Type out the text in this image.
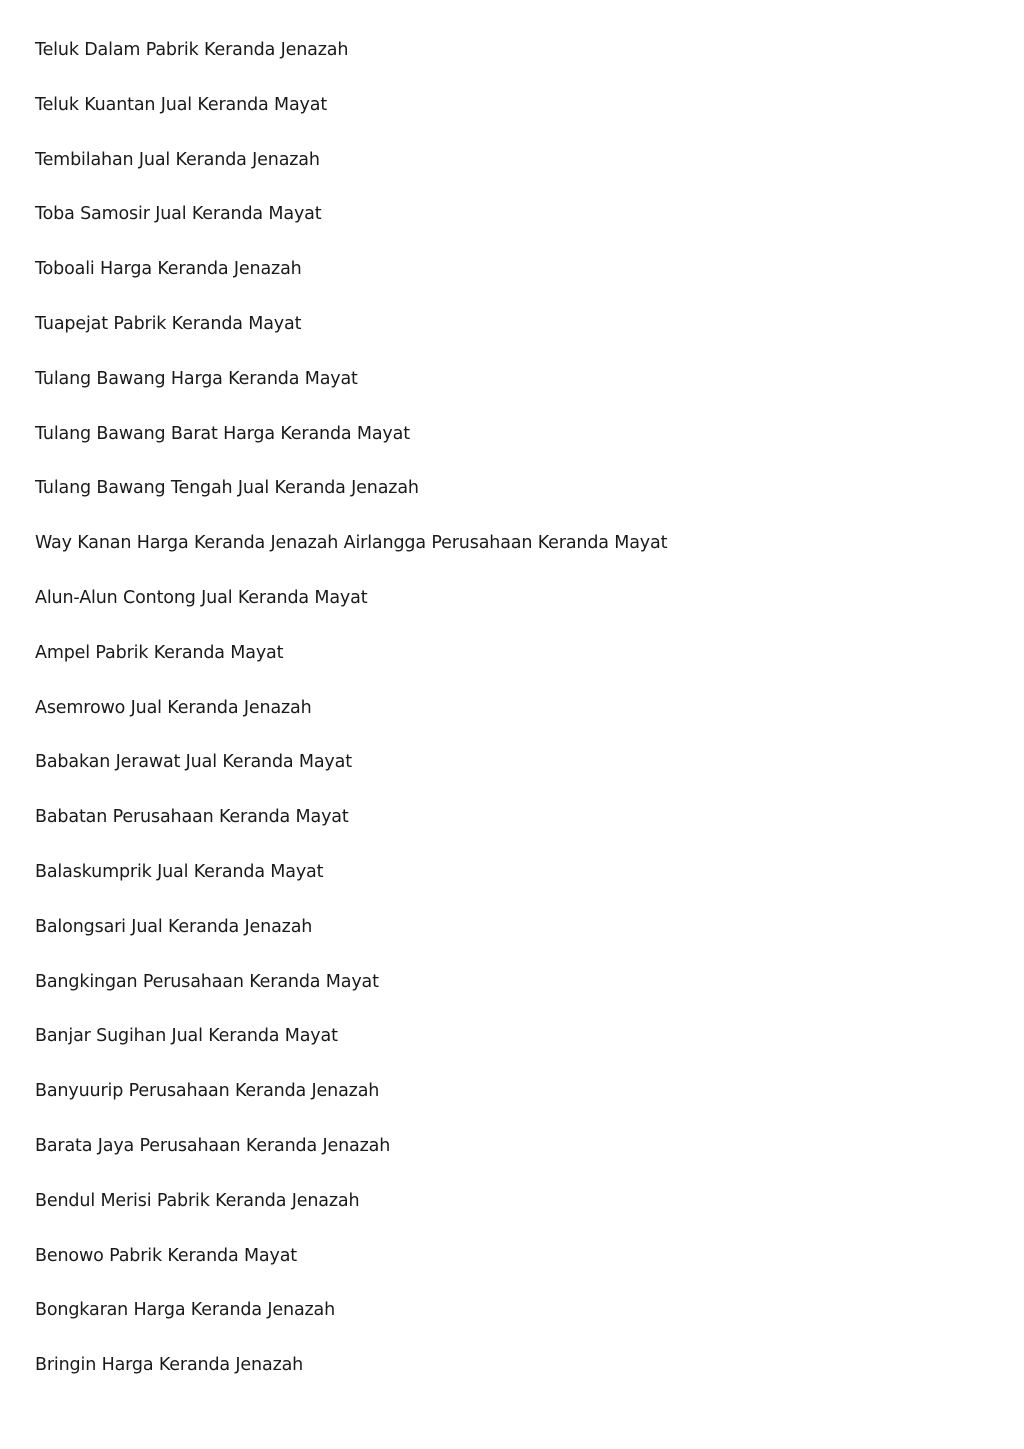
Teluk Dalam Pabrik Keranda Jenazah
Teluk Kuantan Jual Keranda Mayat
Tembilahan Jual Keranda Jenazah
Toba Samosir Jual Keranda Mayat
Toboali Harga Keranda Jenazah
Tuapejat Pabrik Keranda Mayat
Tulang Bawang Harga Keranda Mayat
Tulang Bawang Barat Harga Keranda Mayat
Tulang Bawang Tengah Jual Keranda Jenazah
Way Kanan Harga Keranda Jenazah Airlangga Perusahaan Keranda Mayat
Alun-Alun Contong Jual Keranda Mayat
Ampel Pabrik Keranda Mayat
Asemrowo Jual Keranda Jenazah
Babakan Jerawat Jual Keranda Mayat
Babatan Perusahaan Keranda Mayat
Balaskumprik Jual Keranda Mayat
Balongsari Jual Keranda Jenazah
Bangkingan Perusahaan Keranda Mayat
Banjar Sugihan Jual Keranda Mayat
Banyuurip Perusahaan Keranda Jenazah
Barata Jaya Perusahaan Keranda Jenazah
Bendul Merisi Pabrik Keranda Jenazah
Benowo Pabrik Keranda Mayat
Bongkaran Harga Keranda Jenazah
Bringin Harga Keranda Jenazah
